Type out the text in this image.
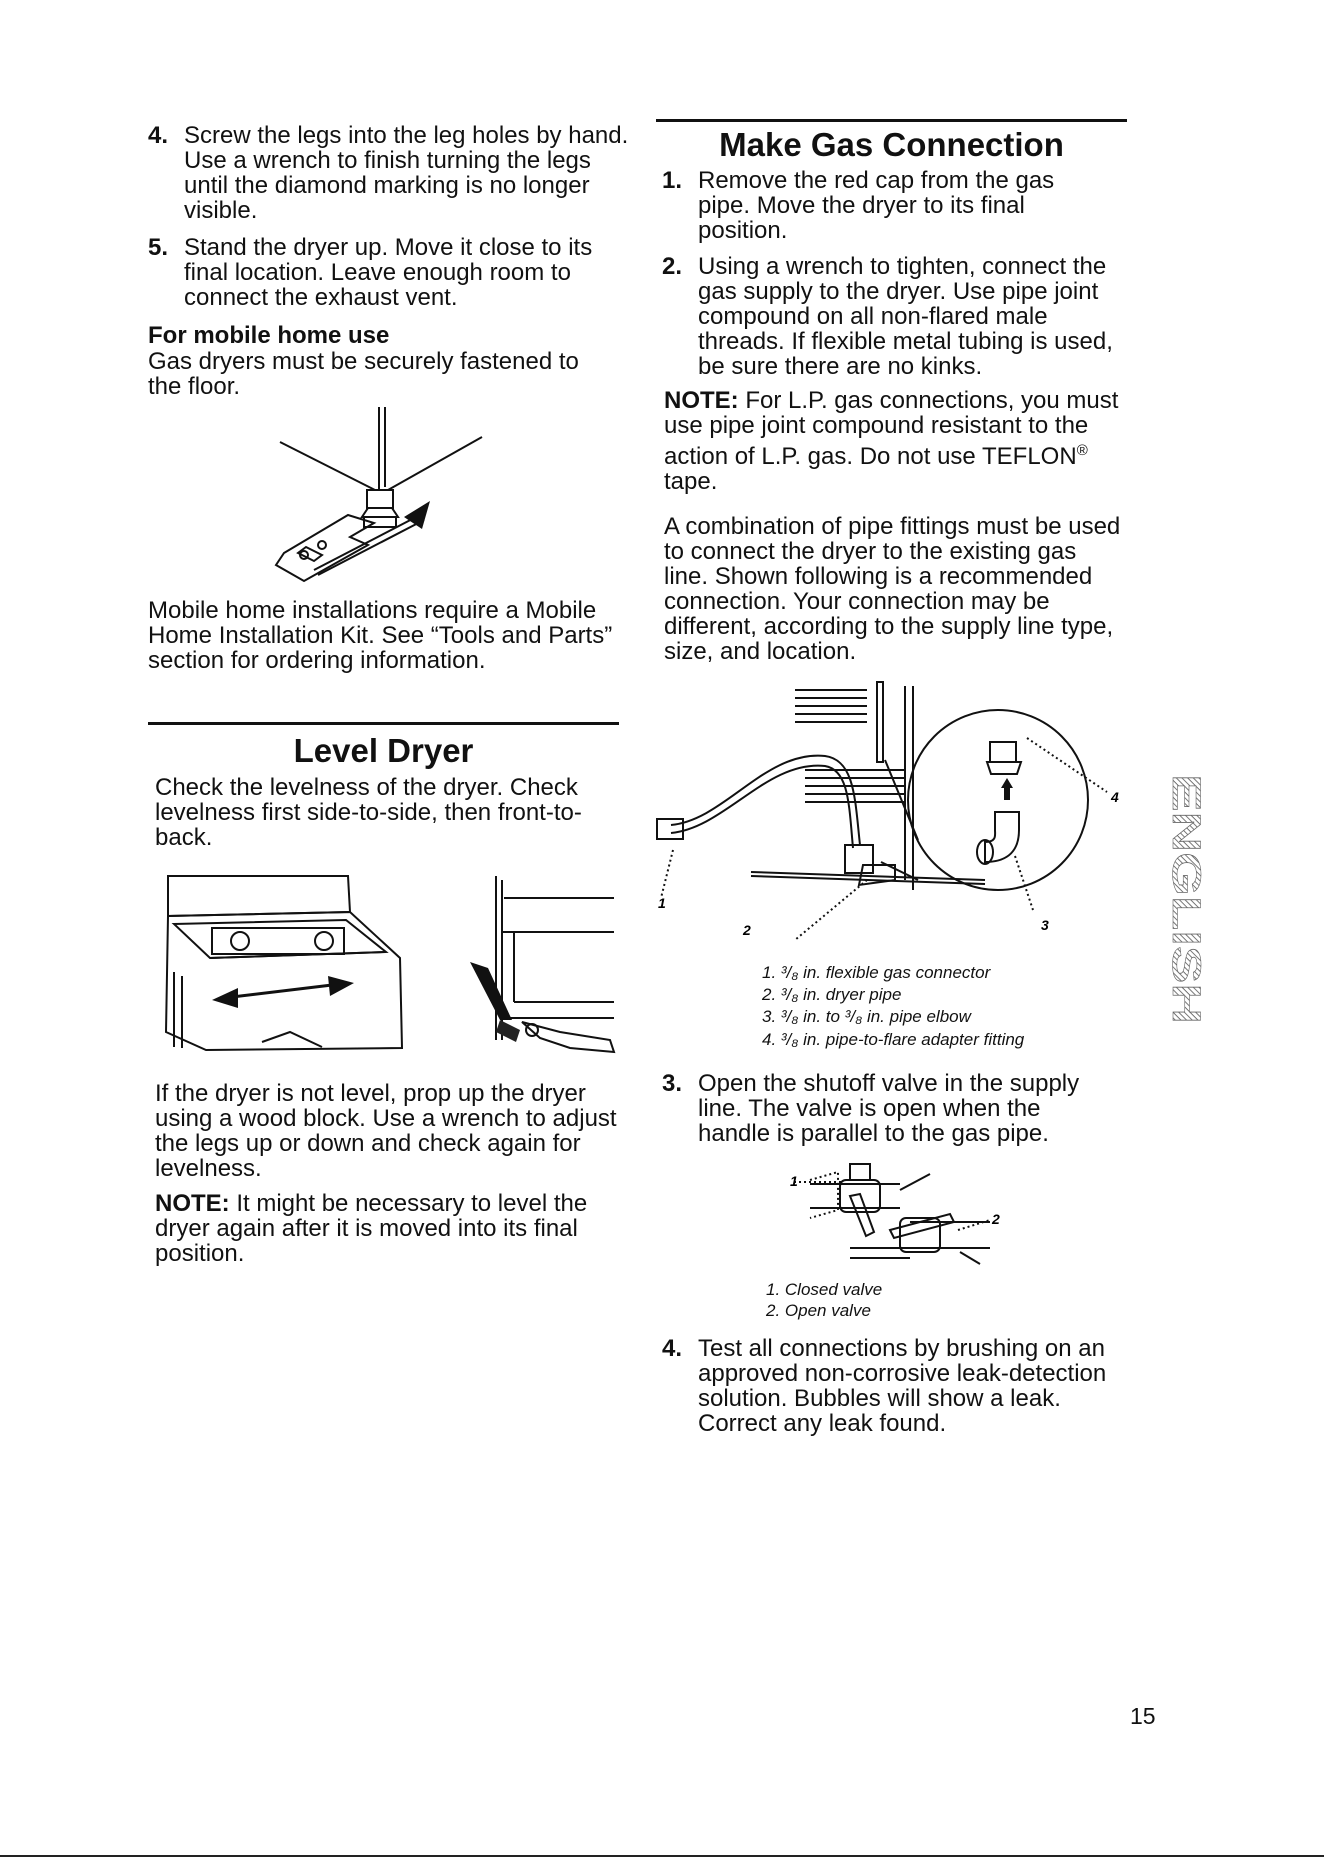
4. Screw the legs into the leg holes by hand. Use a wrench to finish turning the legs until the diamond marking is no longer visible.
5. Stand the dryer up. Move it close to its final location. Leave enough room to connect the exhaust vent.
For mobile home use
Gas dryers must be securely fastened to the floor.
Mobile home installations require a Mobile Home Installation Kit. See “Tools and Parts” section for ordering information.
Level Dryer
Check the levelness of the dryer. Check levelness first side-to-side, then front-to-back.
If the dryer is not level, prop up the dryer using a wood block. Use a wrench to adjust the legs up or down and check again for levelness.
NOTE: It might be necessary to level the dryer again after it is moved into its final position.
Make Gas Connection
1. Remove the red cap from the gas pipe. Move the dryer to its final position.
2. Using a wrench to tighten, connect the gas supply to the dryer. Use pipe joint compound on all non-flared male threads. If flexible metal tubing is used, be sure there are no kinks.
NOTE: For L.P. gas connections, you must use pipe joint compound resistant to the action of L.P. gas. Do not use TEFLON® tape.
A combination of pipe fittings must be used to connect the dryer to the existing gas line. Shown following is a recommended connection. Your connection may be different, according to the supply line type, size, and location.
1
2	3
4
1. ³/₈ in. flexible gas connector
2. ³/₈ in. dryer pipe
3. ³/₈ in. to ³/₈ in. pipe elbow
4. ³/₈ in. pipe-to-flare adapter fitting
3. Open the shutoff valve in the supply line. The valve is open when the handle is parallel to the gas pipe.
1
2
1. Closed valve
2. Open valve
4. Test all connections by brushing on an approved non-corrosive leak-detection solution. Bubbles will show a leak. Correct any leak found.
ENGLISH
15
